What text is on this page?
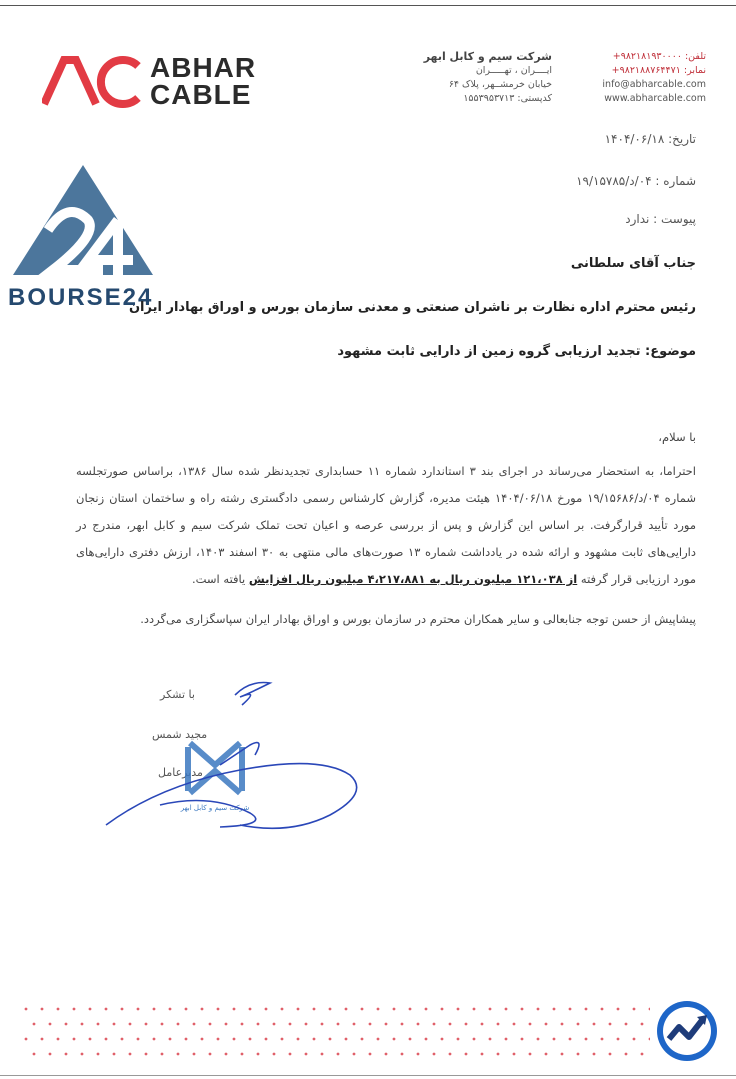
ABHAR
CABLE
شرکت سیم و کابل ابهر
ایــــران ، تهـــــران
خیابان خرمشــهر، پلاک ۶۴
کدپستی: ۱۵۵۳۹۵۳۷۱۳
+۹۸۲۱۸۱۹۳۰۰۰۰ :تلفن
+۹۸۲۱۸۸۷۶۴۴۷۱ :نمابر
info@abharcable.com
www.abharcable.com
BOURSE24
تاریخ: ۱۴۰۴/۰۶/۱۸
شماره : ۰۴/د/۱۹/۱۵۷۸۵
پیوست : ندارد
جناب آقای سلطانی
رئیس محترم اداره نظارت بر ناشران صنعتی و معدنی سازمان بورس و اوراق بهادار ایران
موضوع: تجدید ارزیابی گروه زمین از دارایی ثابت مشهود
با سلام،
احتراما، به استحضار می‌رساند در اجرای بند ۳ استاندارد شماره ۱۱ حسابداری تجدیدنظر شده سال ۱۳۸۶، براساس صورتجلسه شماره ۰۴/د/۱۹/۱۵۶۸۶ مورخ ۱۴۰۴/۰۶/۱۸ هیئت مدیره، گزارش کارشناس رسمی دادگستری رشته راه و ساختمان استان زنجان مورد تأیید قرارگرفت. بر اساس این گزارش و پس از بررسی عرصه و اعیان تحت تملک شرکت سیم و کابل ابهر، مندرج در دارایی‌های ثابت مشهود و ارائه شده در یادداشت شماره ۱۳ صورت‌های مالی منتهی به ۳۰ اسفند ۱۴۰۳، ارزش دفتری دارایی‌های مورد ارزیابی قرار گرفته از ۱۲۱،۰۳۸ میلیون ریال به ۴،۲۱۷،۸۸۱ میلیون ریال افزایش یافته است.
پیشاپیش از حسن توجه جنابعالی و سایر همکاران محترم در سازمان بورس و اوراق بهادار ایران سپاسگزاری می‌گردد.
با تشکر
مجید شمس
مدیرعامل
شرکت سیم و کابل ابهر
